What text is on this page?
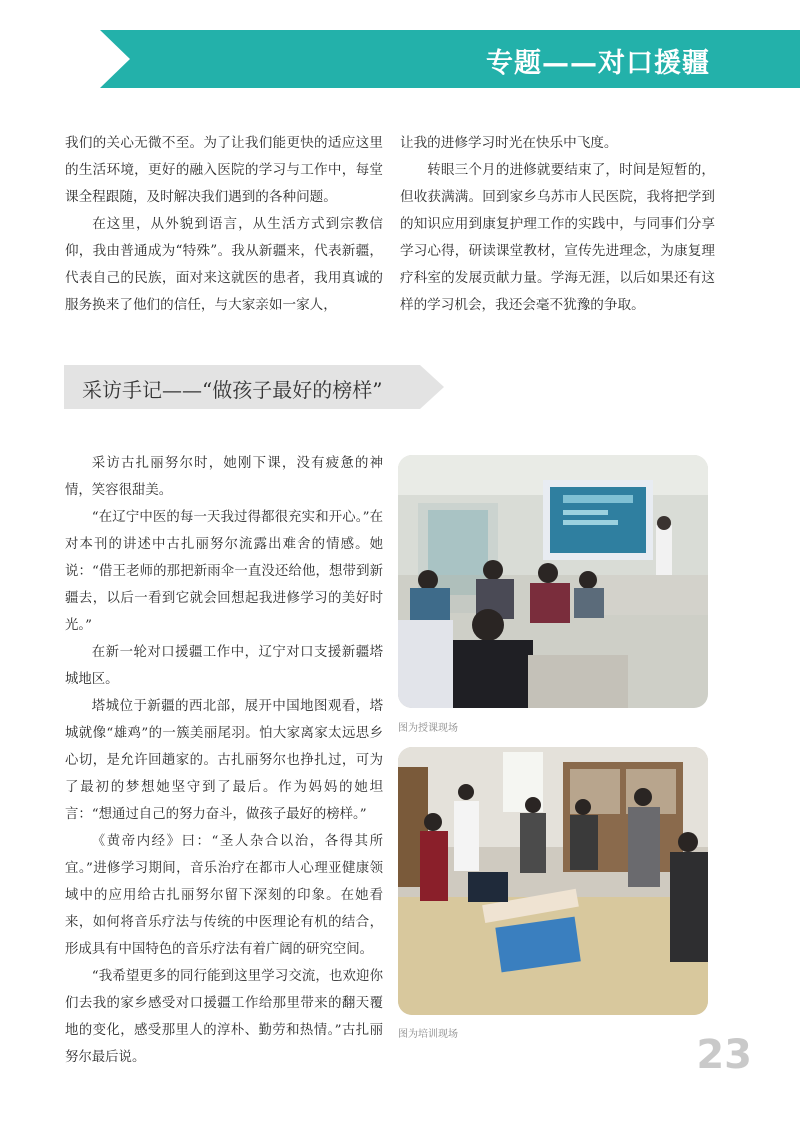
专题——对口援疆

我们的关心无微不至。为了让我们能更快的适应这里的生活环境，更好的融入医院的学习与工作中，每堂课全程跟随，及时解决我们遇到的各种问题。

在这里，从外貌到语言，从生活方式到宗教信仰，我由普通成为“特殊”。我从新疆来，代表新疆，代表自己的民族，面对来这就医的患者，我用真诚的服务换来了他们的信任，与大家亲如一家人，

让我的进修学习时光在快乐中飞度。

转眼三个月的进修就要结束了，时间是短暂的，但收获满满。回到家乡乌苏市人民医院，我将把学到的知识应用到康复护理工作的实践中，与同事们分享学习心得，研读课堂教材，宣传先进理念，为康复理疗科室的发展贡献力量。学海无涯，以后如果还有这样的学习机会，我还会毫不犹豫的争取。

采访手记——“做孩子最好的榜样”

采访古扎丽努尔时，她刚下课，没有疲惫的神情，笑容很甜美。

“在辽宁中医的每一天我过得都很充实和开心。”在对本刊的讲述中古扎丽努尔流露出难舍的情感。她说：“借王老师的那把新雨伞一直没还给他，想带到新疆去，以后一看到它就会回想起我进修学习的美好时光。”

在新一轮对口援疆工作中，辽宁对口支援新疆塔城地区。

塔城位于新疆的西北部，展开中国地图观看，塔城就像“雄鸡”的一簇美丽尾羽。怕大家离家太远思乡心切，是允许回趟家的。古扎丽努尔也挣扎过，可为了最初的梦想她坚守到了最后。作为妈妈的她坦言：“想通过自己的努力奋斗，做孩子最好的榜样。”

《黄帝内经》曰：“圣人杂合以治，各得其所宜。”进修学习期间，音乐治疗在都市人心理亚健康领域中的应用给古扎丽努尔留下深刻的印象。在她看来，如何将音乐疗法与传统的中医理论有机的结合，形成具有中国特色的音乐疗法有着广阔的研究空间。

“我希望更多的同行能到这里学习交流，也欢迎你们去我的家乡感受对口援疆工作给那里带来的翻天覆地的变化，感受那里人的淳朴、勤劳和热情。”古扎丽努尔最后说。

图为授课现场
图为培训现场	23
